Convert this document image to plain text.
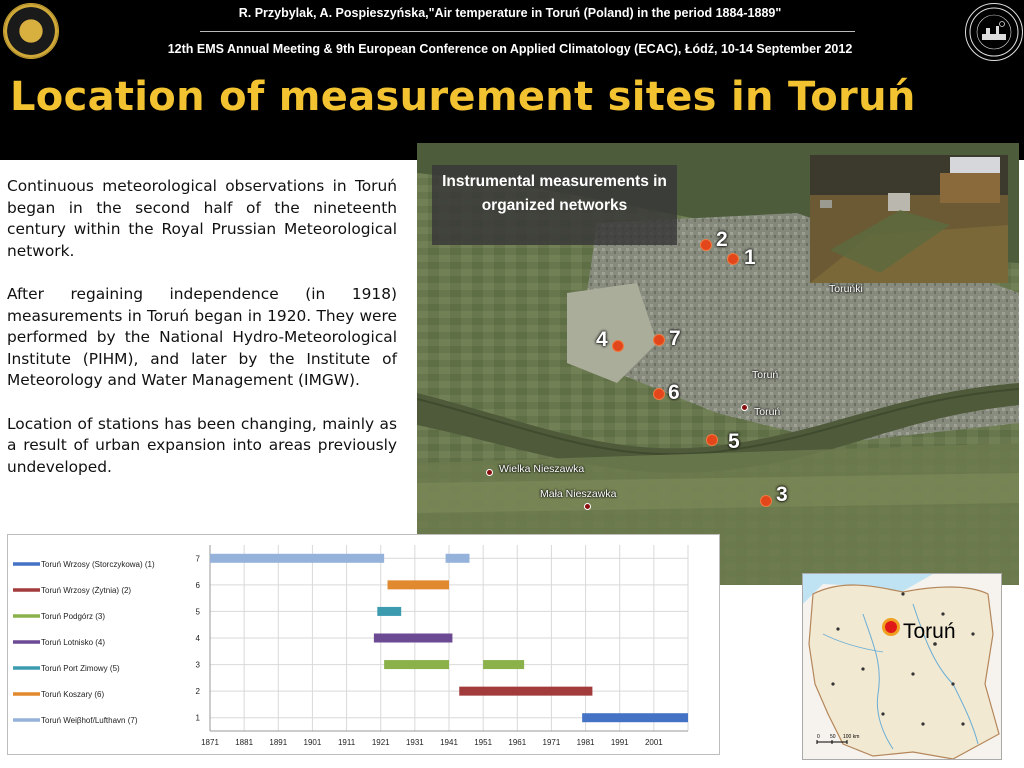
R. Przybylak, A. Pospieszyńska,"Air temperature in Toruń (Poland) in the period 1884-1889"
12th EMS Annual Meeting & 9th European Conference on Applied Climatology (ECAC), Łódź, 10-14 September 2012
Location of measurement sites in Toruń

Continuous meteorological observations in Toruń began in the second half of the nineteenth century within the Royal Prussian Meteorological network.

After regaining independence (in 1918) measurements in Toruń began in 1920. They were performed by the National Hydro-Meteorological Institute (PIHM), and later by the Institute of Meteorology and Water Management (IMGW).

Location of stations has been changing, mainly as a result of urban expansion into areas previously undeveloped.

Instrumental measurements in organized networks
2
1
4	7
6
5
3
Toruńki
Toruń
Toruń
Wielka Nieszawka
Mała Nieszawka
1
2
3
4
5
6
7
1871 1881 1891 1901 1911 1921 1931 1941 1951 1961 1971 1981 1991 2001
Toruń Wrzosy (Storczykowa) (1)
Toruń Wrzosy (Żytnia) (2)
Toruń Podgórz (3)
Toruń Lotnisko (4)
Toruń Port Zimowy (5)
Toruń Koszary (6)
Toruń Weiβhof/Lufthavn (7)
0 50 100 km
Toruń
